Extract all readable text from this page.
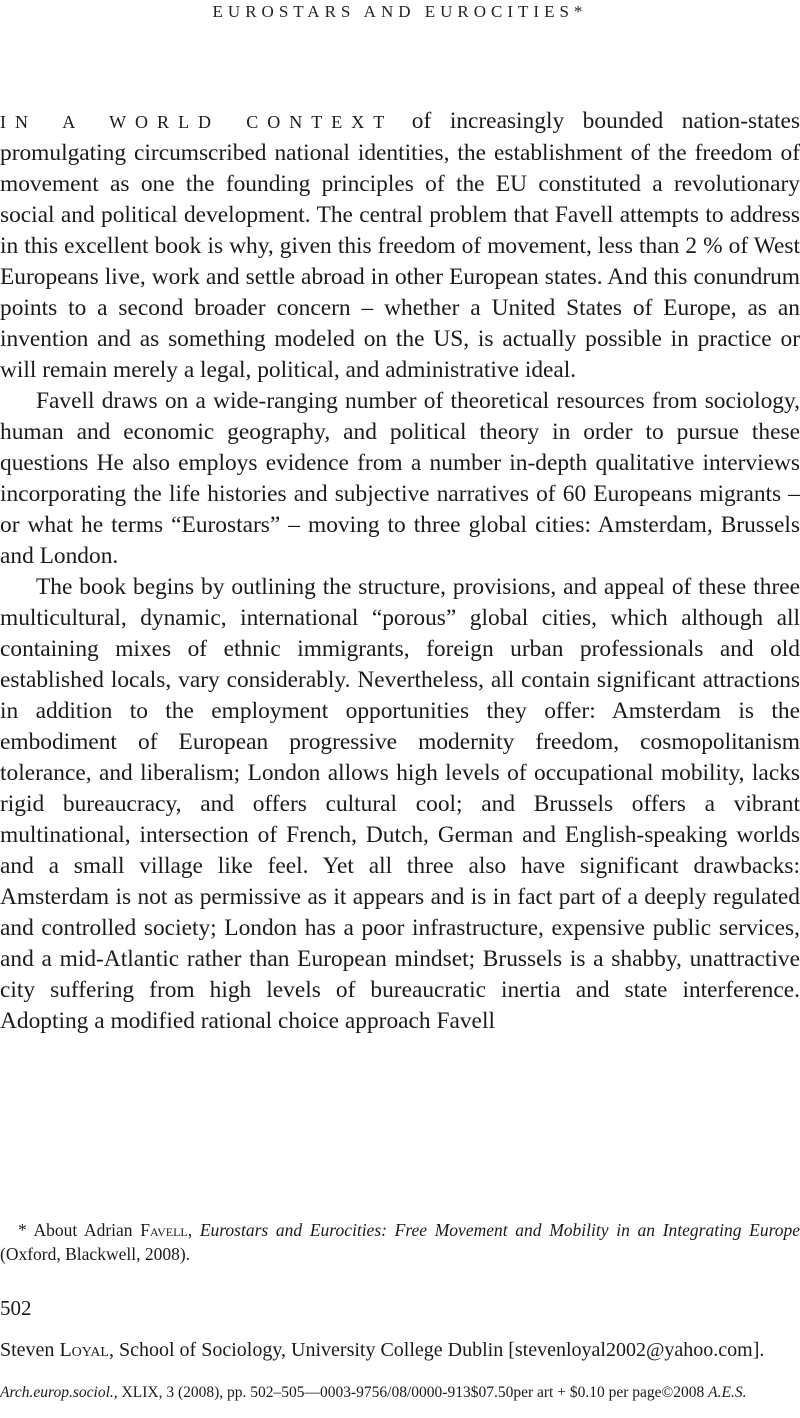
EUROSTARS AND EUROCITIES*

IN A WORLD CONTEXT of increasingly bounded nation-states promulgating circumscribed national identities, the establishment of the freedom of movement as one the founding principles of the EU constituted a revolutionary social and political development. The central problem that Favell attempts to address in this excellent book is why, given this freedom of movement, less than 2 % of West Europeans live, work and settle abroad in other European states. And this conundrum points to a second broader concern – whether a United States of Europe, as an invention and as something modeled on the US, is actually possible in practice or will remain merely a legal, political, and administrative ideal.

Favell draws on a wide-ranging number of theoretical resources from sociology, human and economic geography, and political theory in order to pursue these questions He also employs evidence from a number in-depth qualitative interviews incorporating the life histories and subjective narratives of 60 Europeans migrants – or what he terms “Eurostars” – moving to three global cities: Amsterdam, Brussels and London.

The book begins by outlining the structure, provisions, and appeal of these three multicultural, dynamic, international “porous” global cities, which although all containing mixes of ethnic immigrants, foreign urban professionals and old established locals, vary considerably. Nevertheless, all contain significant attractions in addition to the employment opportunities they offer: Amsterdam is the embodiment of European progressive modernity freedom, cosmopolitanism tolerance, and liberalism; London allows high levels of occupational mobility, lacks rigid bureaucracy, and offers cultural cool; and Brussels offers a vibrant multinational, intersection of French, Dutch, German and English-speaking worlds and a small village like feel. Yet all three also have significant drawbacks: Amsterdam is not as permissive as it appears and is in fact part of a deeply regulated and controlled society; London has a poor infrastructure, expensive public services, and a mid-Atlantic rather than European mindset; Brussels is a shabby, unattractive city suffering from high levels of bureaucratic inertia and state interference. Adopting a modified rational choice approach Favell

* About Adrian Favell, Eurostars and Eurocities: Free Movement and Mobility in an Integrating Europe (Oxford, Blackwell, 2008).

502
Steven Loyal, School of Sociology, University College Dublin [stevenloyal2002@yahoo.com].
Arch.europ.sociol., XLIX, 3 (2008), pp. 502–505—0003-9756/08/0000-913$07.50per art + $0.10 per page©2008 A.E.S.
